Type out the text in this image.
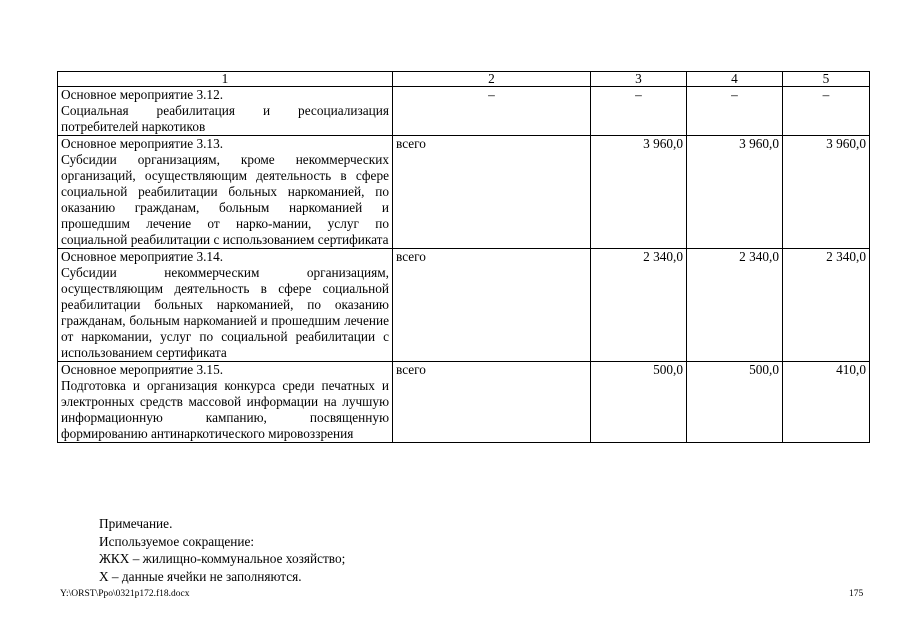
1	2	3	4	5

Основное мероприятие 3.12.
Социальная реабилитация и ресоциализация потребителей наркотиков	–	–	–	–

Основное мероприятие 3.13.
Субсидии организациям, кроме некоммерческих организаций, осуществляющим деятельность в сфере социальной реабилитации больных наркоманией, по оказанию гражданам, больным наркоманией и прошедшим лечение от нарко-мании, услуг по социальной реабилитации с использованием сертификата	всего	3 960,0	3 960,0	3 960,0

Основное мероприятие 3.14.
Субсидии некоммерческим организациям, осуществляющим деятельность в сфере социальной реабилитации больных наркоманией, по оказанию гражданам, больным наркоманией и прошедшим лечение от наркомании, услуг по социальной реабилитации с использованием сертификата	всего	2 340,0	2 340,0	2 340,0

Основное мероприятие 3.15.
Подготовка и организация конкурса среди печатных и электронных средств массовой информации на лучшую информационную кампанию, посвященную формированию антинаркотического мировоззрения	всего	500,0	500,0	410,0
Примечание.
Используемое сокращение:
ЖКХ – жилищно-коммунальное хозяйство;
Х – данные ячейки не заполняются.
Y:\ORST\Ppo\0321p172.f18.docx	175
